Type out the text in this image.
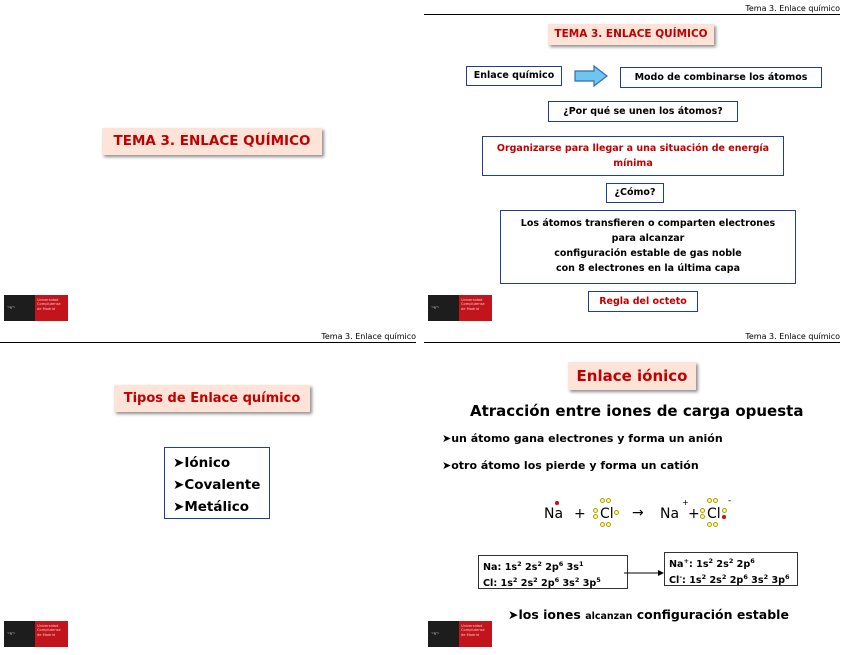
TEMA 3. ENLACE QUÍMICO
~v~
Universidad
Complutense
de Madrid
Tema 3. Enlace químico
TEMA 3. ENLACE QUÍMICO
Enlace químico	Modo de combinarse los átomos
¿Por qué se unen los átomos?
Organizarse para llegar a una situación de energía mínima
¿Cómo?
Los átomos transfieren o comparten electrones
para alcanzar
configuración estable de gas noble
con 8 electrones en la última capa
Regla del octeto
~v~
Universidad
Complutense
de Madrid
Tema 3. Enlace químico
Tipos de Enlace químico
➤Iónico
➤Covalente
➤Metálico
~v~
Universidad
Complutense
de Madrid
Tema 3. Enlace químico
Enlace iónico
Atracción entre iones de carga opuesta
➤un átomo gana electrones y forma un anión
➤otro átomo los pierde y forma un catión
Na + Cl → Na
+
+ Cl
-
Na: $1s^2$ $2s^2$ $2p^6$ $3s^1$
Cl: $1s^2$ $2s^2$ $2p^6$ $3s^2$ $3p^5$
Na+: $1s^2$ $2s^2$ $2p^6$
Cl-: $1s^2$ $2s^2$ $2p^6$ $3s^2$ $3p^6$
➤los iones alcanzan configuración estable
~v~
Universidad
Complutense
de Madrid
